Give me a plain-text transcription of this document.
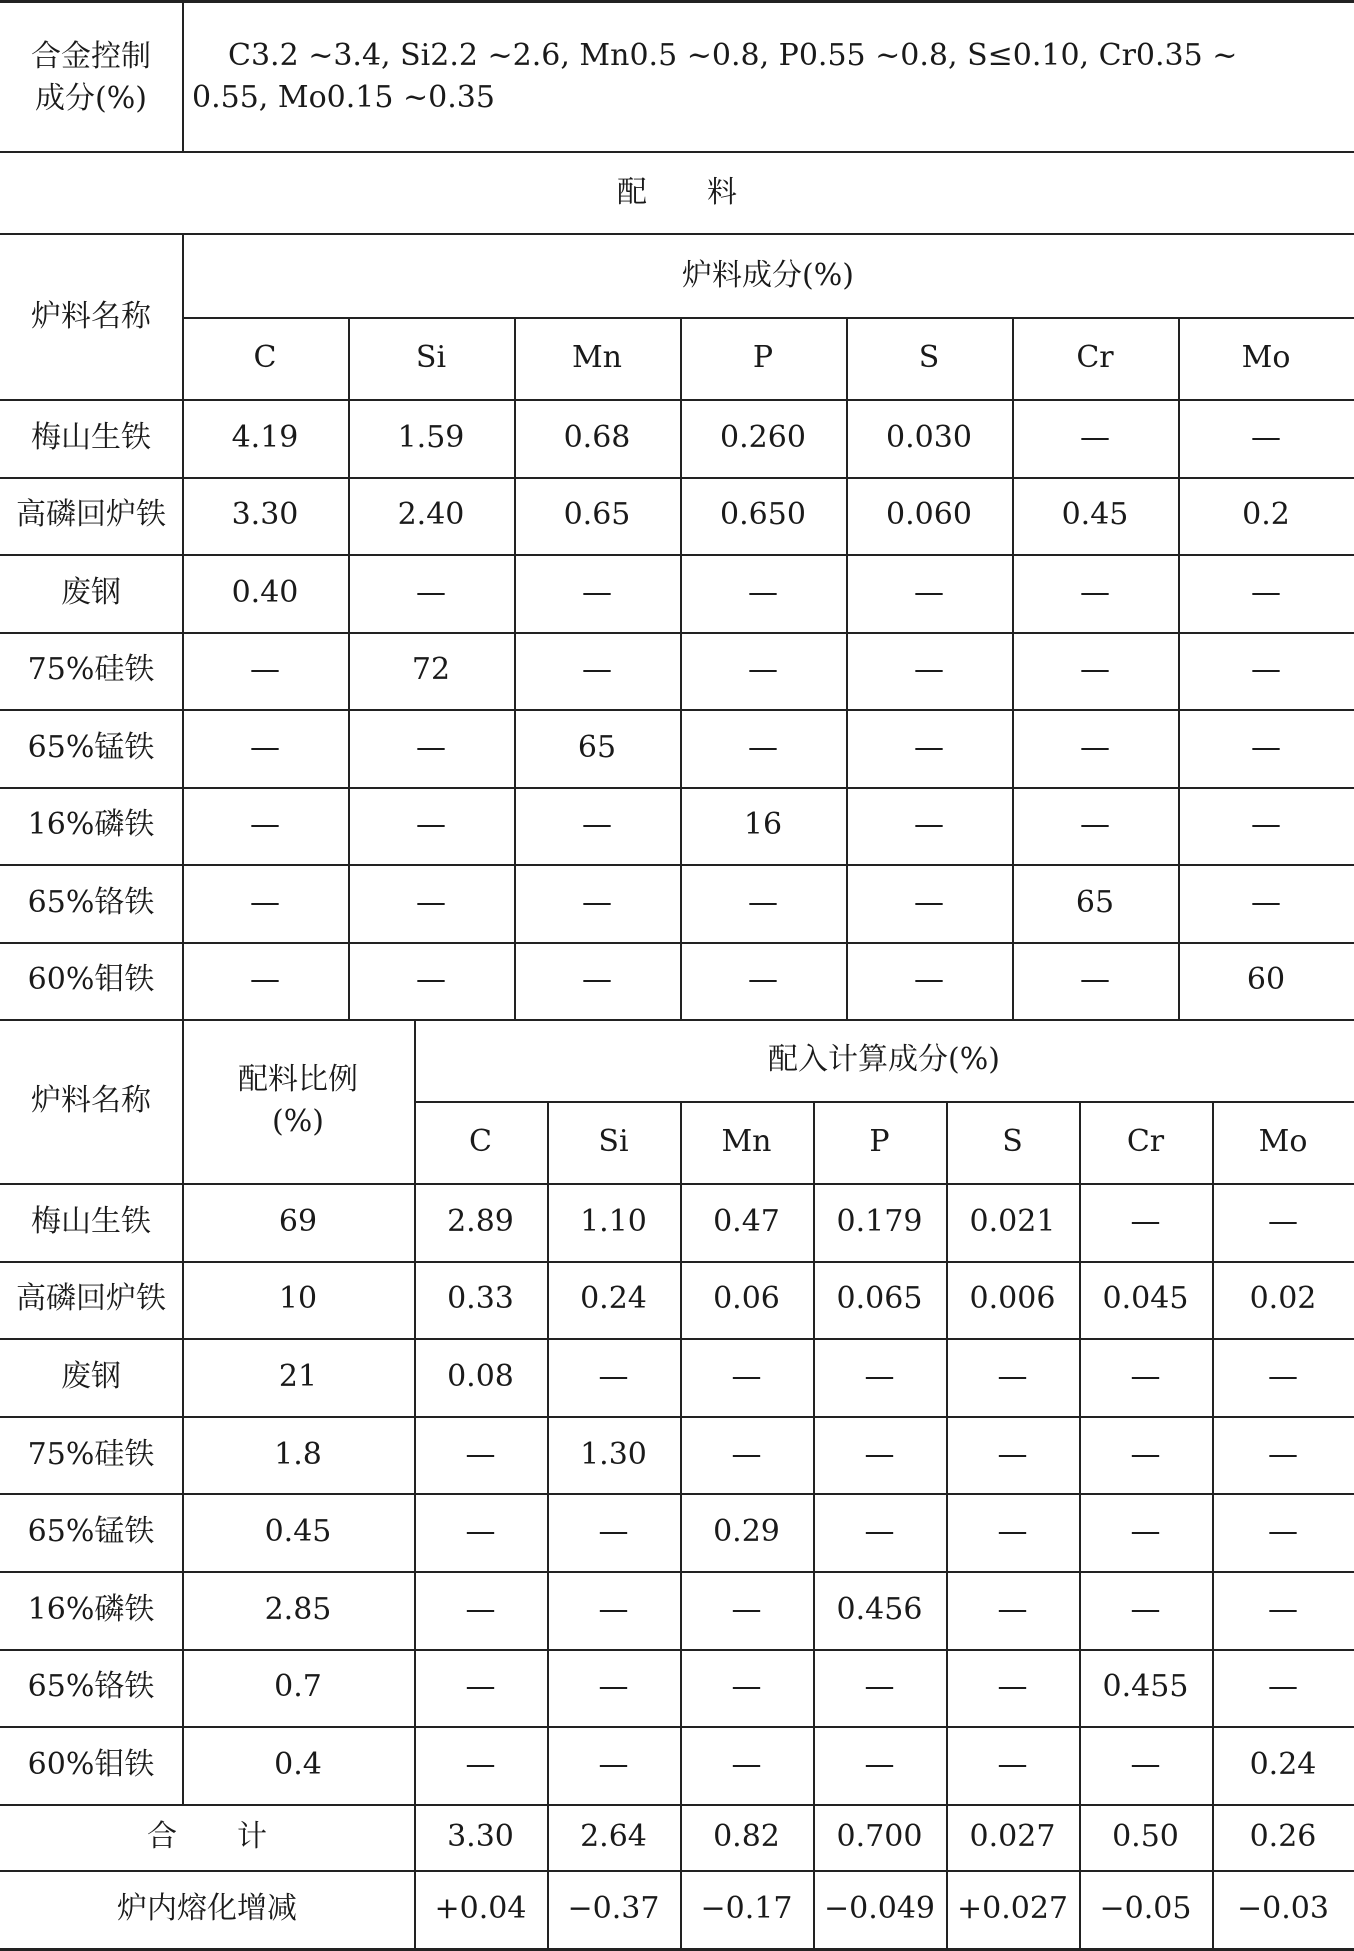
合金控制
成分(%)
C3.2 ~3.4, Si2.2 ~2.6, Mn0.5 ~0.8, P0.55 ~0.8, S≤0.10, Cr0.35 ~
0.55, Mo0.15 ~0.35
配　　料
炉料名称
炉料成分(%)
C	Si	Mn	P	S	Cr	Mo
梅山生铁	4.19	1.59	0.68	0.260	0.030	—	—
高磷回炉铁	3.30	2.40	0.65	0.650	0.060	0.45	0.2
废钢	0.40	—	—	—	—	—	—
75%硅铁	—	72	—	—	—	—	—
65%锰铁	—	—	65	—	—	—	—
16%磷铁	—	—	—	16	—	—	—
65%铬铁	—	—	—	—	—	65	—
60%钼铁	—	—	—	—	—	—	60
炉料名称
配料比例
(%)
配入计算成分(%)
C	Si	Mn	P	S	Cr	Mo
梅山生铁	69	2.89	1.10	0.47	0.179	0.021	—	—
高磷回炉铁	10	0.33	0.24	0.06	0.065	0.006	0.045	0.02
废钢	21	0.08	—	—	—	—	—	—
75%硅铁	1.8	—	1.30	—	—	—	—	—
65%锰铁	0.45	—	—	0.29	—	—	—	—
16%磷铁	2.85	—	—	—	0.456	—	—	—
65%铬铁	0.7	—	—	—	—	—	0.455	—
60%钼铁	0.4	—	—	—	—	—	—	0.24
合　　计	3.30	2.64	0.82	0.700	0.027	0.50	0.26
炉内熔化增减	+0.04	−0.37	−0.17	−0.049 +0.027	−0.05	−0.03
